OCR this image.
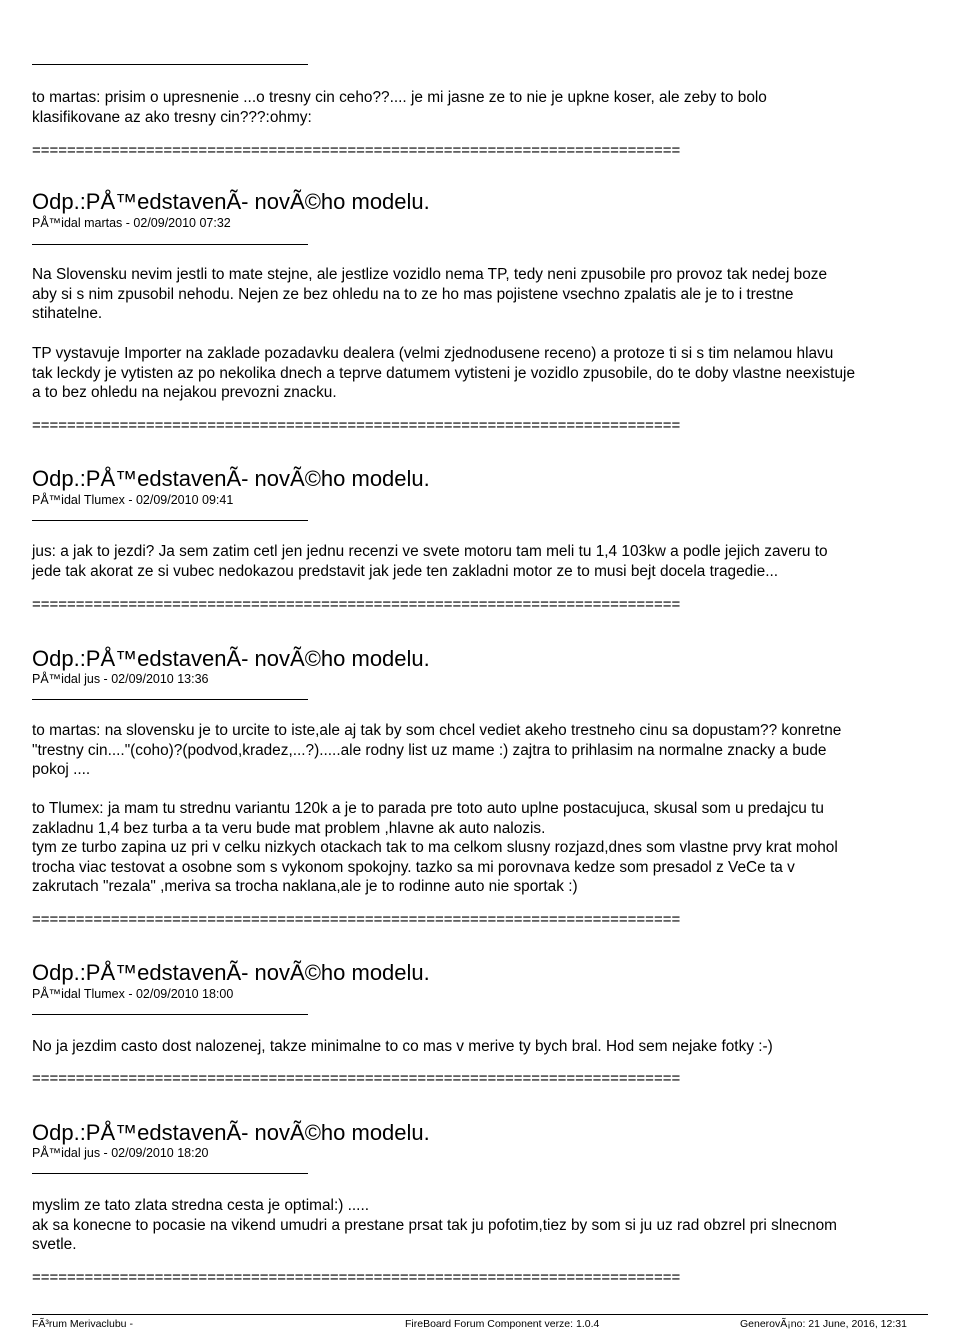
to martas: prisim o upresnenie ...o tresny cin ceho??.... je mi jasne ze to nie je upkne koser, ale zeby to bolo
klasifikovane az ako tresny cin???:ohmy:

==========================================================================
Odp.:PÅ™edstavenÃ- novÃ©ho modelu.
PÅ™idal martas - 02/09/2010 07:32

Na Slovensku nevim jestli to mate stejne, ale jestlize vozidlo nema TP, tedy neni zpusobile pro provoz tak nedej boze
aby si s nim zpusobil nehodu. Nejen ze bez ohledu na to ze ho mas pojistene vsechno zpalatis ale je to i trestne
stihatelne.

TP vystavuje Importer na zaklade pozadavku dealera (velmi zjednodusene receno) a protoze ti si s tim nelamou hlavu
tak leckdy je vytisten az po nekolika dnech a teprve datumem vytisteni je vozidlo zpusobile, do te doby vlastne neexistuje
a to bez ohledu na nejakou prevozni znacku.

==========================================================================
Odp.:PÅ™edstavenÃ- novÃ©ho modelu.
PÅ™idal Tlumex - 02/09/2010 09:41

jus: a jak to jezdi? Ja sem zatim cetl jen jednu recenzi ve svete motoru tam meli tu 1,4 103kw a podle jejich zaveru to
jede tak akorat ze si vubec nedokazou predstavit jak jede ten zakladni motor ze to musi bejt docela tragedie...

==========================================================================
Odp.:PÅ™edstavenÃ- novÃ©ho modelu.
PÅ™idal jus - 02/09/2010 13:36

to martas: na slovensku je to urcite to iste,ale aj tak by som chcel vediet akeho trestneho cinu sa dopustam?? konretne
"trestny cin...."(coho)?(podvod,kradez,...?).....ale rodny list uz mame :) zajtra to prihlasim na normalne znacky a bude
pokoj ....

to Tlumex: ja mam tu strednu variantu 120k a je to parada pre toto auto uplne postacujuca, skusal som u predajcu tu
zakladnu 1,4 bez turba a ta veru bude mat problem ,hlavne ak auto nalozis.
tym ze turbo zapina uz pri v celku nizkych otackach tak to ma celkom slusny rozjazd,dnes som vlastne prvy krat mohol
trocha viac testovat a osobne som s vykonom spokojny. tazko sa mi porovnava kedze som presadol z VeCe ta v
zakrutach "rezala" ,meriva sa trocha naklana,ale je to rodinne auto nie sportak :)

==========================================================================
Odp.:PÅ™edstavenÃ- novÃ©ho modelu.
PÅ™idal Tlumex - 02/09/2010 18:00

No ja jezdim casto dost nalozenej, takze minimalne to co mas v merive ty bych bral. Hod sem nejake fotky :-)

==========================================================================
Odp.:PÅ™edstavenÃ- novÃ©ho modelu.
PÅ™idal jus - 02/09/2010 18:20

myslim ze tato zlata stredna cesta je optimal:) .....
ak sa konecne to pocasie na vikend umudri a prestane prsat tak ju pofotim,tiez by som si ju uz rad obzrel pri slnecnom
svetle.

==========================================================================
FÃ³rum Merivaclubu -	FireBoard Forum Component verze: 1.0.4	GenerovÃ¡no: 21 June, 2016, 12:31
